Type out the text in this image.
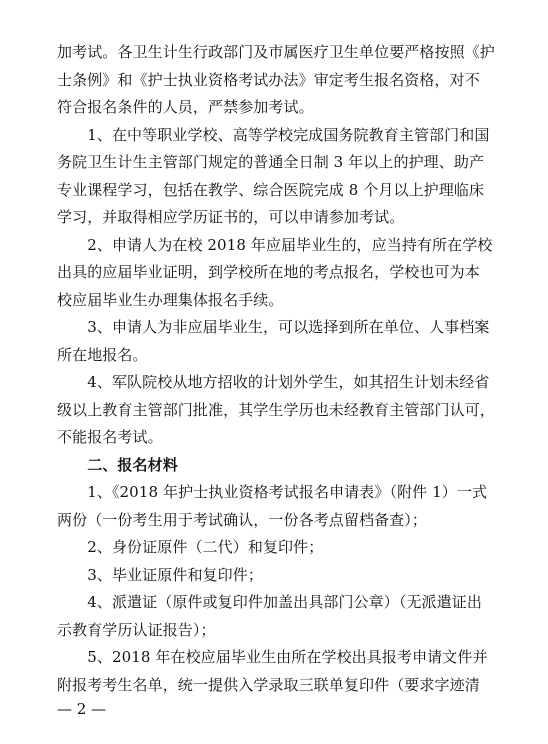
加考试。各卫生计生行政部门及市属医疗卫生单位要严格按照《护
士条例》和《护士执业资格考试办法》审定考生报名资格，对不
符合报名条件的人员，严禁参加考试。
　　1、在中等职业学校、高等学校完成国务院教育主管部门和国
务院卫生计生主管部门规定的普通全日制 3 年以上的护理、助产
专业课程学习，包括在教学、综合医院完成 8 个月以上护理临床
学习，并取得相应学历证书的，可以申请参加考试。
　　2、申请人为在校 2018 年应届毕业生的，应当持有所在学校
出具的应届毕业证明，到学校所在地的考点报名，学校也可为本
校应届毕业生办理集体报名手续。
　　3、申请人为非应届毕业生，可以选择到所在单位、人事档案
所在地报名。
　　4、军队院校从地方招收的计划外学生，如其招生计划未经省
级以上教育主管部门批准，其学生学历也未经教育主管部门认可，
不能报名考试。
　　二、报名材料
　　1、《2018 年护士执业资格考试报名申请表》（附件 1）一式
两份（一份考生用于考试确认，一份各考点留档备查）；
　　2、身份证原件（二代）和复印件；
　　3、毕业证原件和复印件；
　　4、派遣证（原件或复印件加盖出具部门公章）（无派遣证出
示教育学历认证报告）；
　　5、2018 年在校应届毕业生由所在学校出具报考申请文件并
附报考考生名单，统一提供入学录取三联单复印件（要求字迹清
— 2 —
